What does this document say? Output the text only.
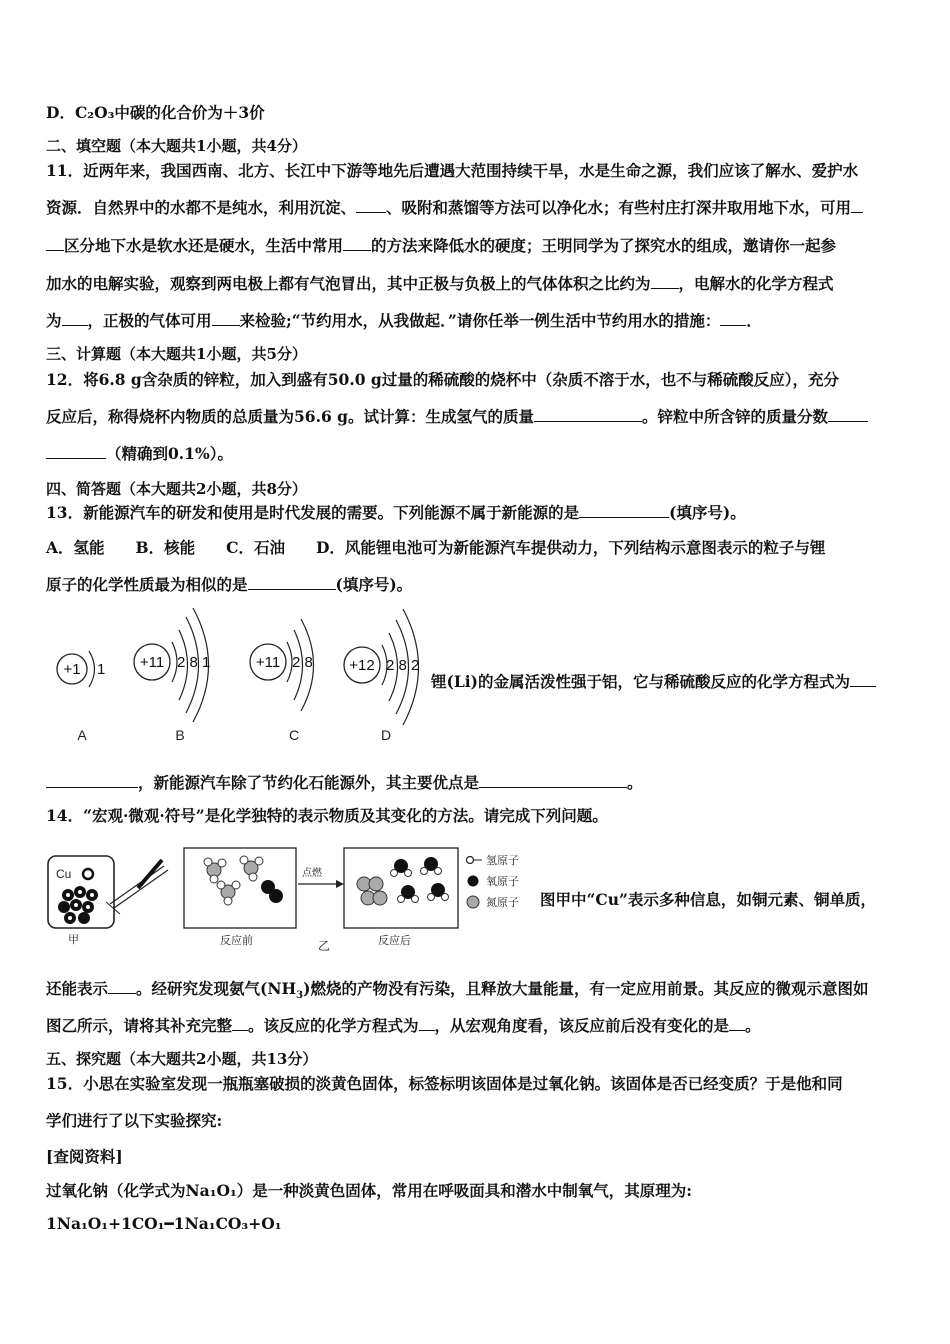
D．C₂O₃中碳的化合价为＋3价
二、填空题（本大题共1小题，共4分）
11．近两年来，我国西南、北方、长江中下游等地先后遭遇大范围持续干旱，水是生命之源，我们应该了解水、爱护水
资源．自然界中的水都不是纯水，利用沉淀、 、吸附和蒸馏等方法可以净化水；有些村庄打深井取用地下水，可用
区分地下水是软水还是硬水，生活中常用 的方法来降低水的硬度；王明同学为了探究水的组成，邀请你一起参
加水的电解实验，观察到两电极上都有气泡冒出，其中正极与负极上的气体体积之比约为 ，电解水的化学方程式
为 ，正极的气体可用 来检验;“节约用水，从我做起．”请你任举一例生活中节约用水的措施： ．
三、计算题（本大题共1小题，共5分）
12．将6.8 g含杂质的锌粒，加入到盛有50.0 g过量的稀硫酸的烧杯中（杂质不溶于水，也不与稀硫酸反应），充分
反应后，称得烧杯内物质的总质量为56.6 g。试计算：生成氢气的质量	。锌粒中所含锌的质量分数
（精确到0.1%）。
四、简答题（本大题共2小题，共8分）
13．新能源汽车的研发和使用是时代发展的需要。下列能源不属于新能源的是	(填序号)。
A．氢能　　B．核能　　C．石油　　D．风能锂电池可为新能源汽车提供动力，下列结构示意图表示的粒子与锂
原子的化学性质最为相似的是	(填序号)。
+1 1
A
+11 2 8 1
B
+11 2 8
C
+12 2 8 2
D
锂(Li)的金属活泼性强于铝，它与稀硫酸反应的化学方程式为
，新能源汽车除了节约化石能源外，其主要优点是	。
14．“宏观·微观·符号”是化学独特的表示物质及其变化的方法。请完成下列问题。
Cu
甲	反应前
点燃
乙	反应后
氢原子
氧原子
氮原子 图甲中“Cu”表示多种信息，如铜元素、铜单质，
还能表示 。经研究发现氨气$(NH_3)$燃烧的产物没有污染，且释放大量能量，有一定应用前景。其反应的微观示意图如
图乙所示，请将其补充完整 。该反应的化学方程式为 ，从宏观角度看，该反应前后没有变化的是 。
五、探究题（本大题共2小题，共13分）
15．小思在实验室发现一瓶瓶塞破损的淡黄色固体，标签标明该固体是过氧化钠。该固体是否已经变质？于是他和同
学们进行了以下实验探究:
[查阅资料]
过氧化钠（化学式为Na₁O₁）是一种淡黄色固体，常用在呼吸面具和潜水中制氧气，其原理为:
1Na₁O₁+1CO₁━1Na₁CO₃+O₁
